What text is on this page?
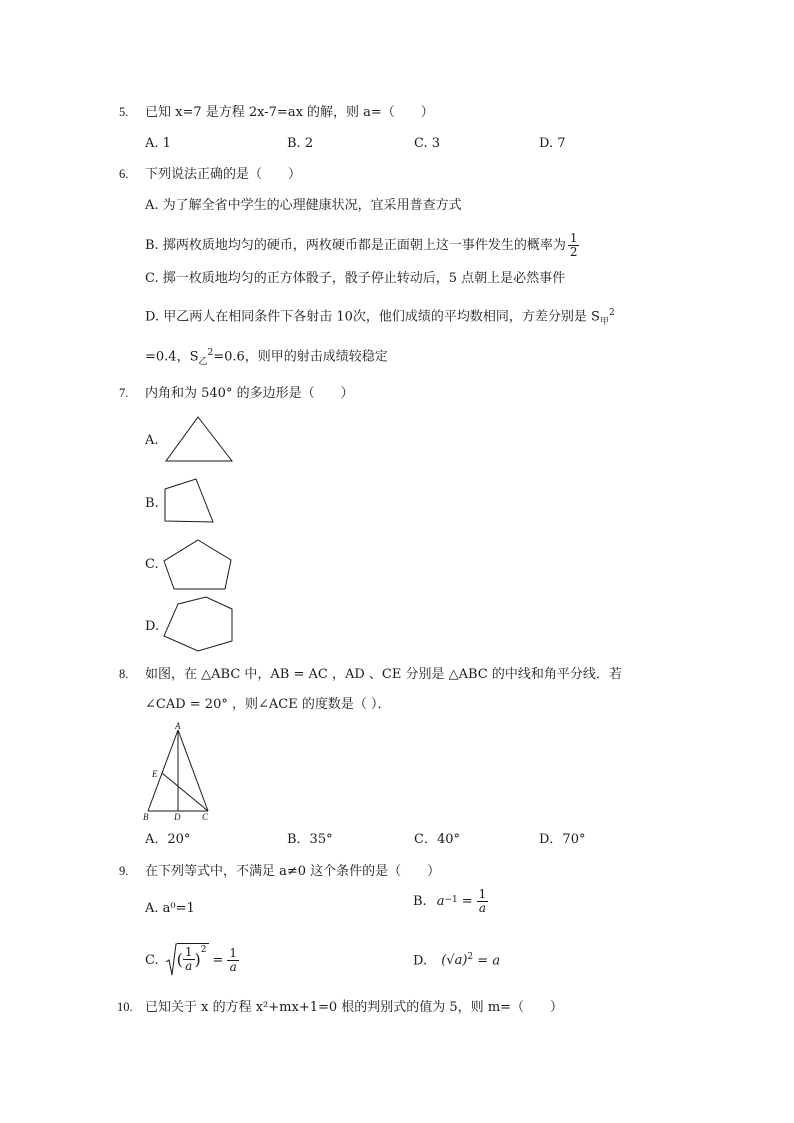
5. 已知 x=7 是方程 2x-7=ax 的解，则 a=（　　）
A. 1	B. 2	C. 3	D. 7
6. 下列说法正确的是（　　）
A. 为了解全省中学生的心理健康状况，宜采用普查方式
B. 掷两枚质地均匀的硬币，两枚硬币都是正面朝上这一事件发生的概率为 $\frac{1}{2}$
C. 掷一枚质地均匀的正方体骰子，骰子停止转动后，5 点朝上是必然事件
D. 甲乙两人在相同条件下各射击 10次，他们成绩的平均数相同，方差分别是 $S_甲^2$
=0.4，$S_乙^2=0.6$，则甲的射击成绩较稳定
7. 内角和为 540° 的多边形是（　　）
A.
B.
C.
D.
8. 如图，在 △ABC 中，AB = AC ，AD 、CE 分别是 △ABC 的中线和角平分线．若
∠CAD = 20° ，则∠ACE 的度数是（ ）．
A
E
B	D C
A．20°	B．35°	C．40°	D．70°
9. 在下列等式中，不满足 a≠0 这个条件的是（　　）
A. a⁰=1	B. $a -1 = \frac{1}{a}$
C. ( $\frac{1}{a} )^2$
= $\frac{1}{a}$	D. $(√a)^2 = a$
10. 已知关于 x 的方程 x²+mx+1=0 根的判别式的值为 5，则 m=（　　）
